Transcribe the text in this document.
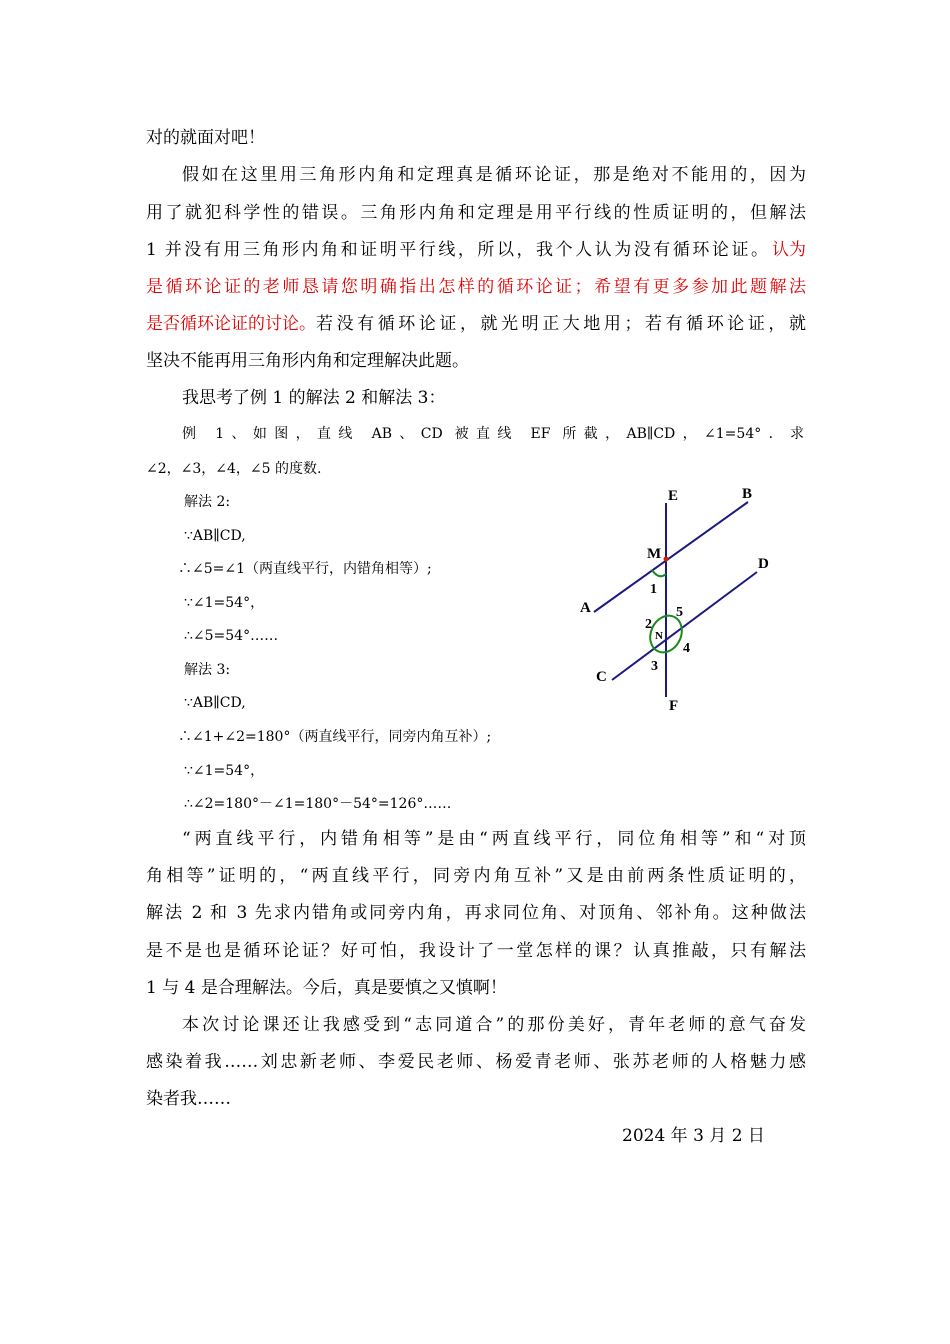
对的就面对吧！
假如在这里用三角形内角和定理真是循环论证，那是绝对不能用的，因为
用了就犯科学性的错误。三角形内角和定理是用平行线的性质证明的，但解法
1 并没有用三角形内角和证明平行线，所以，我个人认为没有循环论证。 认为
是循环论证的老师恳请您明确指出怎样的循环论证；希望有更多参加此题解法
是否循环论证的讨论。 若没有循环论证，就光明正大地用；若有循环论证，就
坚决不能再用三角形内角和定理解决此题。
我思考了例 1 的解法 2 和解法 3：
例 1、如图，直线 AB、CD 被直线 EF 所截，AB∥CD，∠1=54°．求
∠2，∠3，∠4，∠5 的度数.
解法 2:
∵AB∥CD,
∴∠5=∠1（两直线平行，内错角相等）;
∵∠1=54°，
∴∠5=54°……
解法 3:
∵AB∥CD,
∴∠1+∠2=180°（两直线平行，同旁内角互补）;
∵∠1=54°，
∴∠2=180°－∠1=180°－54°=126°……
E	B
M
D
A
N
C
F
1
2
3
4
5
“两直线平行，内错角相等”是由“两直线平行，同位角相等”和“对顶
角相等”证明的，“两直线平行，同旁内角互补”又是由前两条性质证明的，
解法 2 和 3 先求内错角或同旁内角，再求同位角、对顶角、邻补角。这种做法
是不是也是循环论证？好可怕，我设计了一堂怎样的课？认真推敲，只有解法
1 与 4 是合理解法。今后，真是要慎之又慎啊！
本次讨论课还让我感受到“志同道合”的那份美好，青年老师的意气奋发
感染着我……刘忠新老师、李爱民老师、杨爱青老师、张苏老师的人格魅力感
染者我……
2024 年 3 月 2 日
